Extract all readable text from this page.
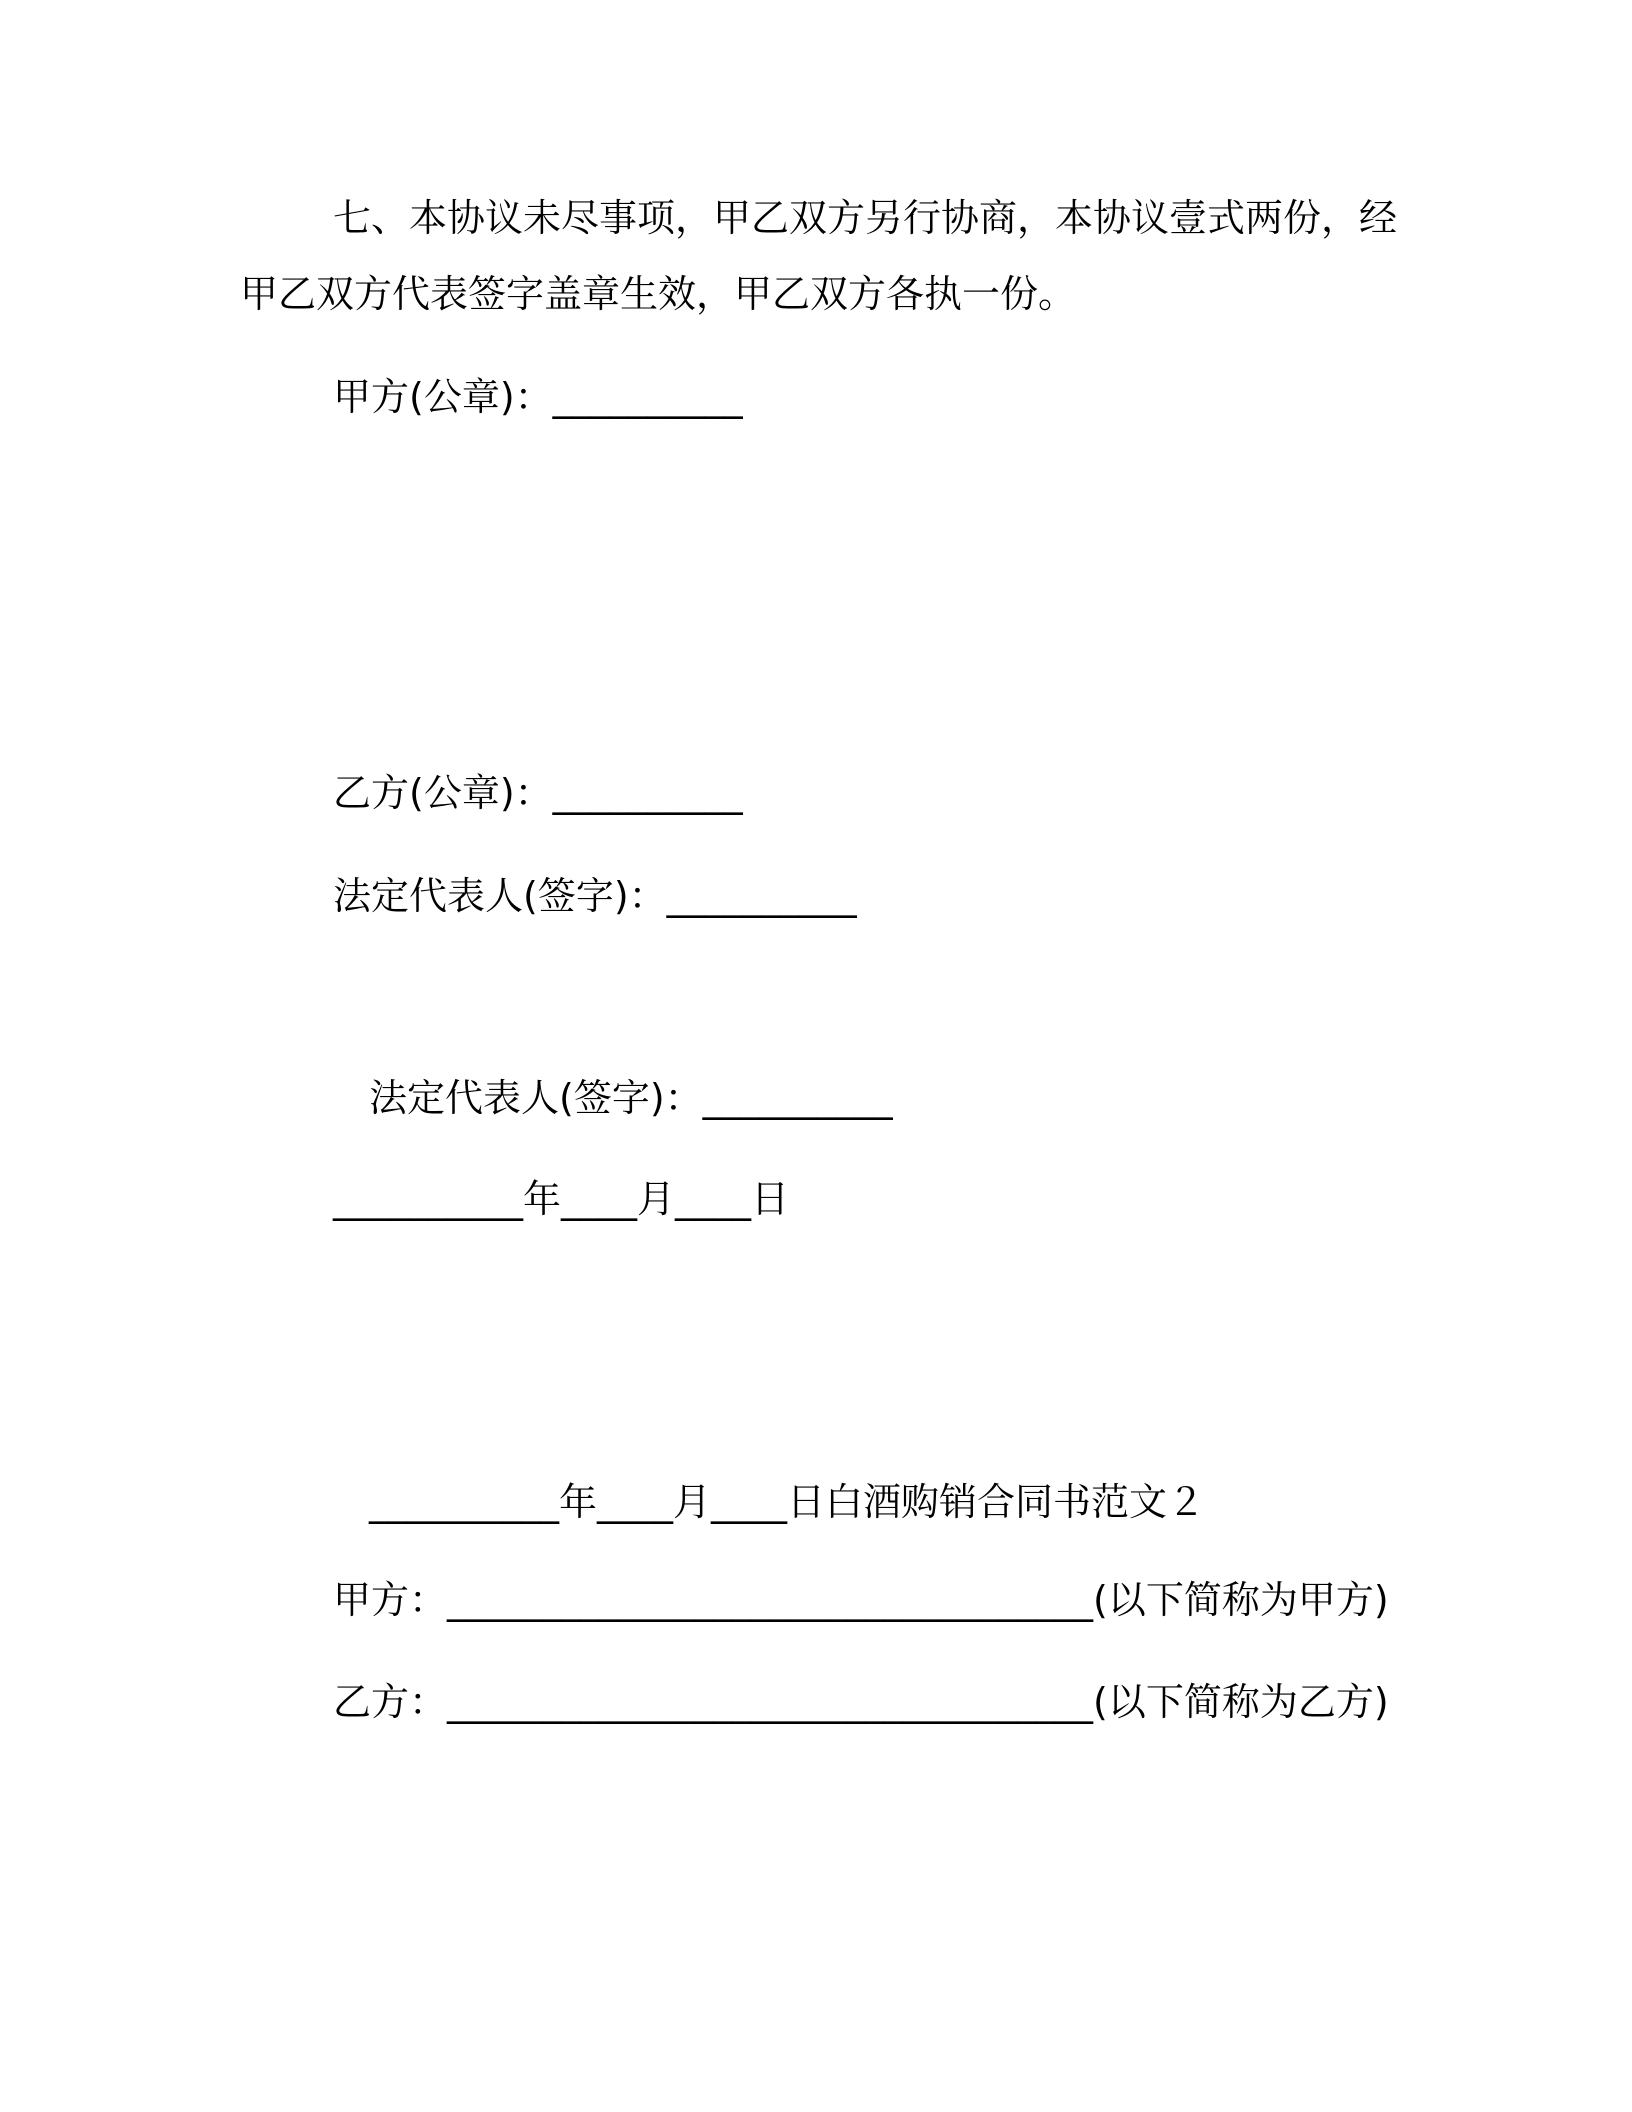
七、本协议未尽事项，甲乙双方另行协商，本协议壹式两份，经

甲乙双方代表签字盖章生效，甲乙双方各执一份。

甲方(公章)：__________

乙方(公章)：__________

法定代表人(签字)：__________

法定代表人(签字)：__________

__________年____月____日

__________年____月____日白酒购销合同书范文２

甲方：__________________________________(以下简称为甲方)

乙方：__________________________________(以下简称为乙方)
